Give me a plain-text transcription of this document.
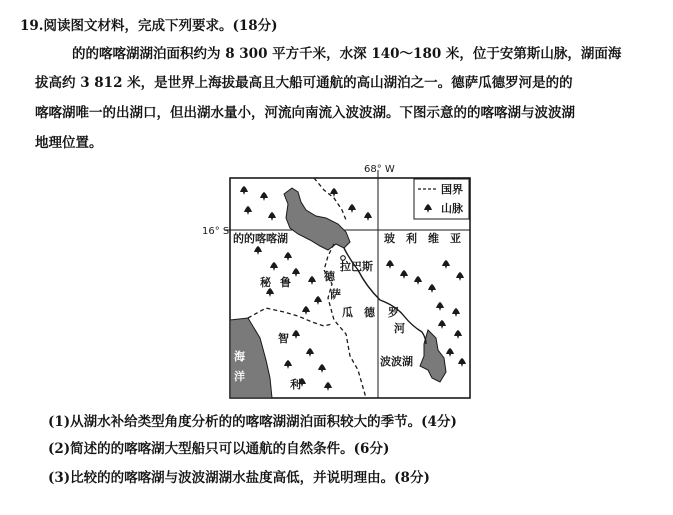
19.阅读图文材料，完成下列要求。(18分)
的的喀喀湖湖泊面积约为 8 300 平方千米，水深 140～180 米，位于安第斯山脉，湖面海
拔高约 3 812 米，是世界上海拔最高且大船可通航的高山湖泊之一。德萨瓜德罗河是的的
喀喀湖唯一的出湖口，但出湖水量小，河流向南流入波波湖。下图示意的的喀喀湖与波波湖
地理位置。
68° W
16° S
海
洋
的的喀喀湖	玻　利　维　亚
秘 鲁
拉巴斯
德
萨
瓜 德 罗
河
波波湖
智
利
国界
山脉
(1)从湖水补给类型角度分析的的喀喀湖湖泊面积较大的季节。(4分)
(2)简述的的喀喀湖大型船只可以通航的自然条件。(6分)
(3)比较的的喀喀湖与波波湖湖水盐度高低，并说明理由。(8分)
